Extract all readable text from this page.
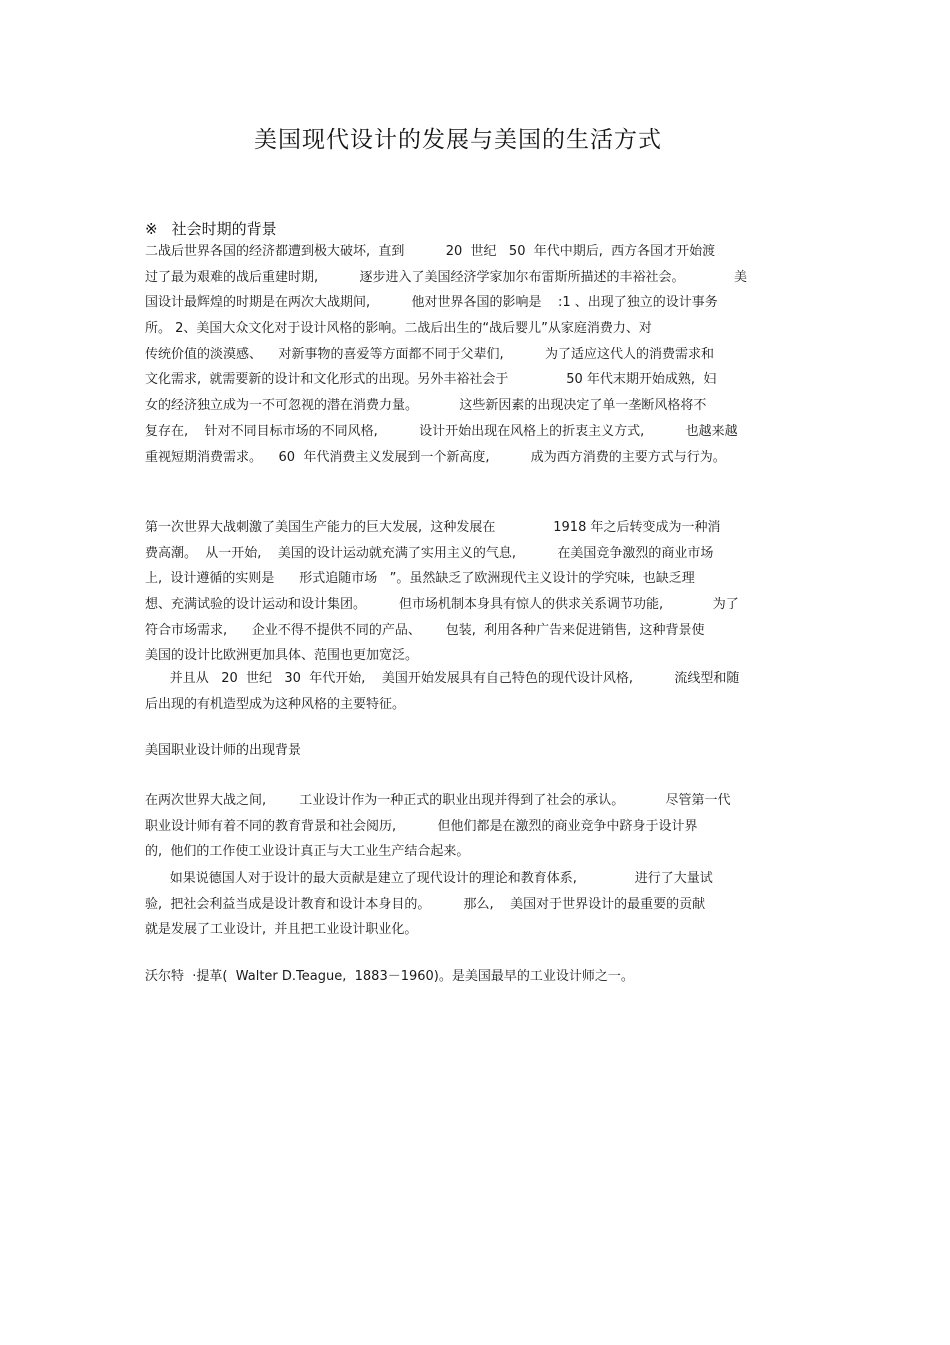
美国现代设计的发展与美国的生活方式
※ 社会时期的背景
二战后世界各国的经济都遭到极大破坏,  直到          20  世纪   50  年代中期后,  西方各国才开始渡
过了最为艰难的战后重建时期,          逐步进入了美国经济学家加尔布雷斯所描述的丰裕社会。            美
国设计最辉煌的时期是在两次大战期间,          他对世界各国的影响是    :1 、出现了独立的设计事务
所。 2、美国大众文化对于设计风格的影响。二战后出生的“战后婴儿”从家庭消费力、对
传统价值的淡漠感、    对新事物的喜爱等方面都不同于父辈们,          为了适应这代人的消费需求和
文化需求,  就需要新的设计和文化形式的出现。另外丰裕社会于              50 年代末期开始成熟,  妇
女的经济独立成为一不可忽视的潜在消费力量。          这些新因素的出现决定了单一垄断风格将不
复存在,    针对不同目标市场的不同风格,          设计开始出现在风格上的折衷主义方式,          也越来越
重视短期消费需求。    60  年代消费主义发展到一个新高度,          成为西方消费的主要方式与行为。
第一次世界大战刺激了美国生产能力的巨大发展,  这种发展在              1918 年之后转变成为一种消
费高潮。  从一开始,    美国的设计运动就充满了实用主义的气息,          在美国竞争激烈的商业市场
上,  设计遵循的实则是      形式追随市场   ”。虽然缺乏了欧洲现代主义设计的学究味,  也缺乏理
想、充满试验的设计运动和设计集团。        但市场机制本身具有惊人的供求关系调节功能,            为了
符合市场需求,      企业不得不提供不同的产品、      包装,  利用各种广告来促进销售,  这种背景使
美国的设计比欧洲更加具体、范围也更加宽泛。
并且从   20  世纪   30  年代开始,    美国开始发展具有自己特色的现代设计风格,          流线型和随
后出现的有机造型成为这种风格的主要特征。
美国职业设计师的出现背景
在两次世界大战之间,        工业设计作为一种正式的职业出现并得到了社会的承认。          尽管第一代
职业设计师有着不同的教育背景和社会阅历,          但他们都是在激烈的商业竞争中跻身于设计界
的,  他们的工作使工业设计真正与大工业生产结合起来。
如果说德国人对于设计的最大贡献是建立了现代设计的理论和教育体系,              进行了大量试
验,  把社会利益当成是设计教育和设计本身目的。        那么,    美国对于世界设计的最重要的贡献
就是发展了工业设计,  并且把工业设计职业化。
沃尔特  ·提革(  Walter D.Teague,  1883－1960)。是美国最早的工业设计师之一。
